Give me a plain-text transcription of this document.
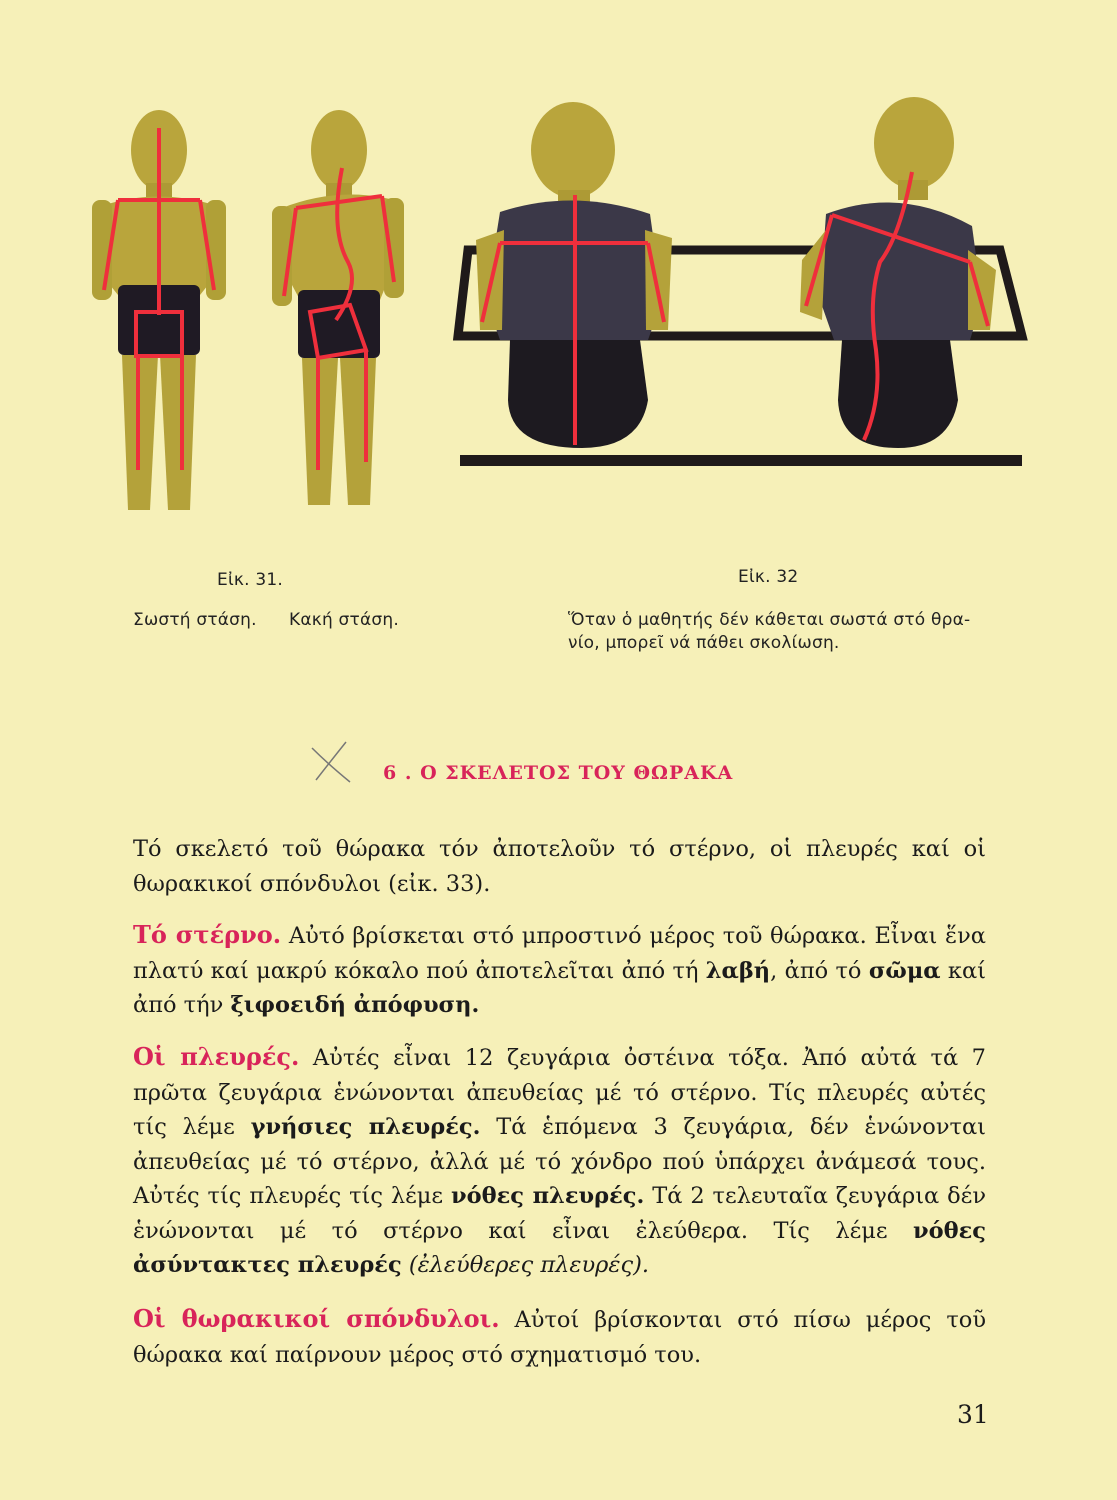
Εἰκ. 31.
Σωστή στάση. Κακή στάση.
Εἰκ. 32
Ὅταν ὁ μαθητής δέν κάθεται σωστά στό θρα-
νίο, μπορεῖ νά πάθει σκολίωση.
6 . Ο ΣΚΕΛΕΤΟΣ ΤΟΥ ΘΩΡΑΚΑ
Τό σκελετό τοῦ θώρακα τόν ἀποτελοῦν τό στέρνο, οἱ πλευρές καί οἱ θωρακικοί σπόνδυλοι (εἰκ. 33).
Τό στέρνο. Αὐτό βρίσκεται στό μπροστινό μέρος τοῦ θώρακα. Εἶναι ἕνα πλατύ καί μακρύ κόκαλο πού ἀποτελεῖται ἀπό τή λαβή, ἀπό τό σῶμα καί ἀπό τήν ξιφοειδή ἀπόφυση.
Οἱ πλευρές. Αὐτές εἶναι 12 ζευγάρια ὀστέινα τόξα. Ἀπό αὐτά τά 7 πρῶτα ζευγάρια ἑνώνονται ἀπευθείας μέ τό στέρνο. Τίς πλευρές αὐτές τίς λέμε γνήσιες πλευρές. Τά ἑπόμενα 3 ζευγάρια, δέν ἑνώνονται ἀπευθείας μέ τό στέρνο, ἀλλά μέ τό χόνδρο πού ὑπάρχει ἀνάμεσά τους. Αὐτές τίς πλευρές τίς λέμε νόθες πλευρές. Τά 2 τελευταῖα ζευγάρια δέν ἑνώνονται μέ τό στέρνο καί εἶναι ἐλεύθερα. Τίς λέμε νόθες ἀσύντακτες πλευρές (ἐλεύθερες πλευρές).
Οἱ θωρακικοί σπόνδυλοι. Αὐτοί βρίσκονται στό πίσω μέρος τοῦ θώρακα καί παίρνουν μέρος στό σχηματισμό του.
31
